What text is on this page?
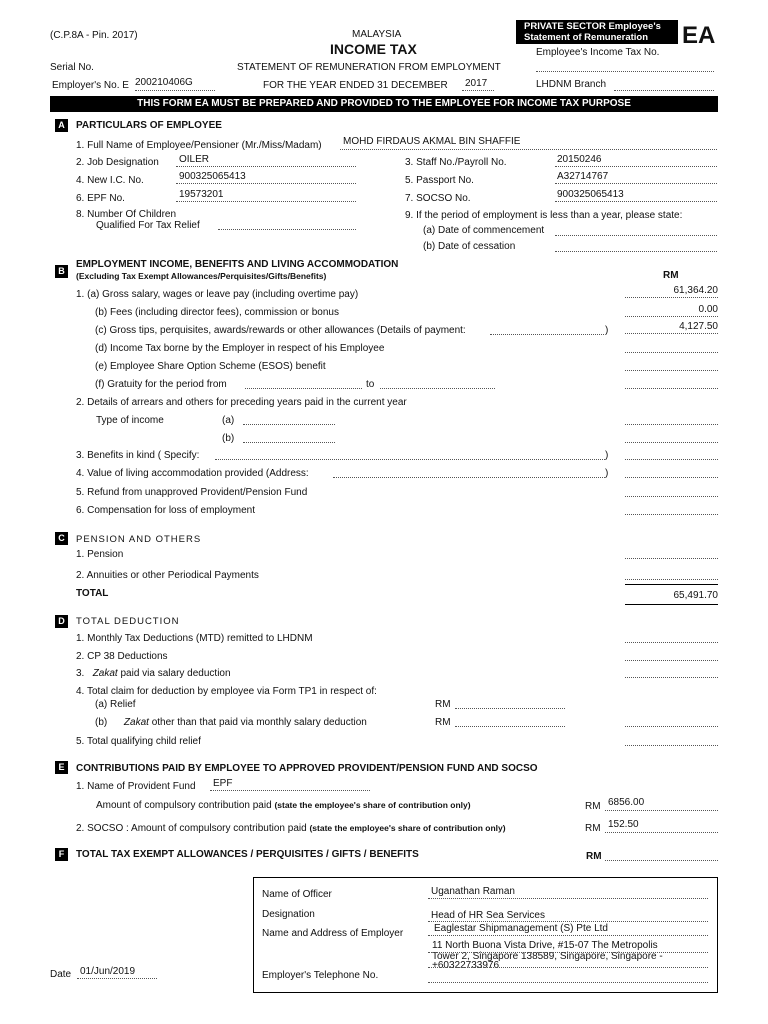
(C.P.8A - Pin. 2017)	MALAYSIA
INCOME TAX
Serial No.	STATEMENT OF REMUNERATION FROM EMPLOYMENT
Employer's No. E 200210406G	FOR THE YEAR ENDED 31 DECEMBER 2017
PRIVATE SECTOR Employee's
Statement of Remuneration EA
Employee's Income Tax No.
LHDNM Branch
THIS FORM EA MUST BE PREPARED AND PROVIDED TO THE EMPLOYEE FOR INCOME TAX PURPOSE
A	PARTICULARS OF EMPLOYEE
1. Full Name of Employee/Pensioner (Mr./Miss/Madam) MOHD FIRDAUS AKMAL BIN SHAFFIE
2. Job Designation OILER
4. New I.C. No.	900325065413
6. EPF No.	19573201
8. Number Of Children
Qualified For Tax Relief
3. Staff No./Payroll No.	20150246
5. Passport No.	A32714767
7. SOCSO No.	900325065413
9. If the period of employment is less than a year, please state:
(a) Date of commencement
(b) Date of cessation
B
EMPLOYMENT INCOME, BENEFITS AND LIVING ACCOMMODATION
(Excluding Tax Exempt Allowances/Perquisites/Gifts/Benefits)	RM
1. (a) Gross salary, wages or leave pay (including overtime pay)	61,364.20
(b) Fees (including director fees), commission or bonus	0.00
(c) Gross tips, perquisites, awards/rewards or other allowances (Details of payment:	)	4,127.50
(d) Income Tax borne by the Employer in respect of his Employee
(e) Employee Share Option Scheme (ESOS) benefit
(f) Gratuity for the period from	to
2. Details of arrears and others for preceding years paid in the current year
Type of income	(a)
(b)
3. Benefits in kind ( Specify:	)
4. Value of living accommodation provided (Address:	)
5. Refund from unapproved Provident/Pension Fund
6. Compensation for loss of employment
C	PENSION AND OTHERS
1. Pension
2. Annuities or other Periodical Payments
TOTAL	65,491.70
D	TOTAL DEDUCTION
1. Monthly Tax Deductions (MTD) remitted to LHDNM
2. CP 38 Deductions
3. Zakat paid via salary deduction
4. Total claim for deduction by employee via Form TP1 in respect of:
(a) Relief	RM
(b) Zakat other than that paid via monthly salary deduction	RM
5. Total qualifying child relief
E	CONTRIBUTIONS PAID BY EMPLOYEE TO APPROVED PROVIDENT/PENSION FUND AND SOCSO
1. Name of Provident Fund EPF
Amount of compulsory contribution paid (state the employee's share of contribution only)	RM 6856.00
2. SOCSO : Amount of compulsory contribution paid (state the employee's share of contribution only)	RM 152.50
F	TOTAL TAX EXEMPT ALLOWANCES / PERQUISITES / GIFTS / BENEFITS	RM
Name of Officer	Uganathan Raman
Designation	Head of HR Sea Services
Name and Address of Employer	Eaglestar Shipmanagement (S) Pte Ltd
11 North Buona Vista Drive, #15-07 The Metropolis
Tower 2, Singapore 138589, Singapore, Singapore -
+60322733976
Employer's Telephone No.
Date 01/Jun/2019
